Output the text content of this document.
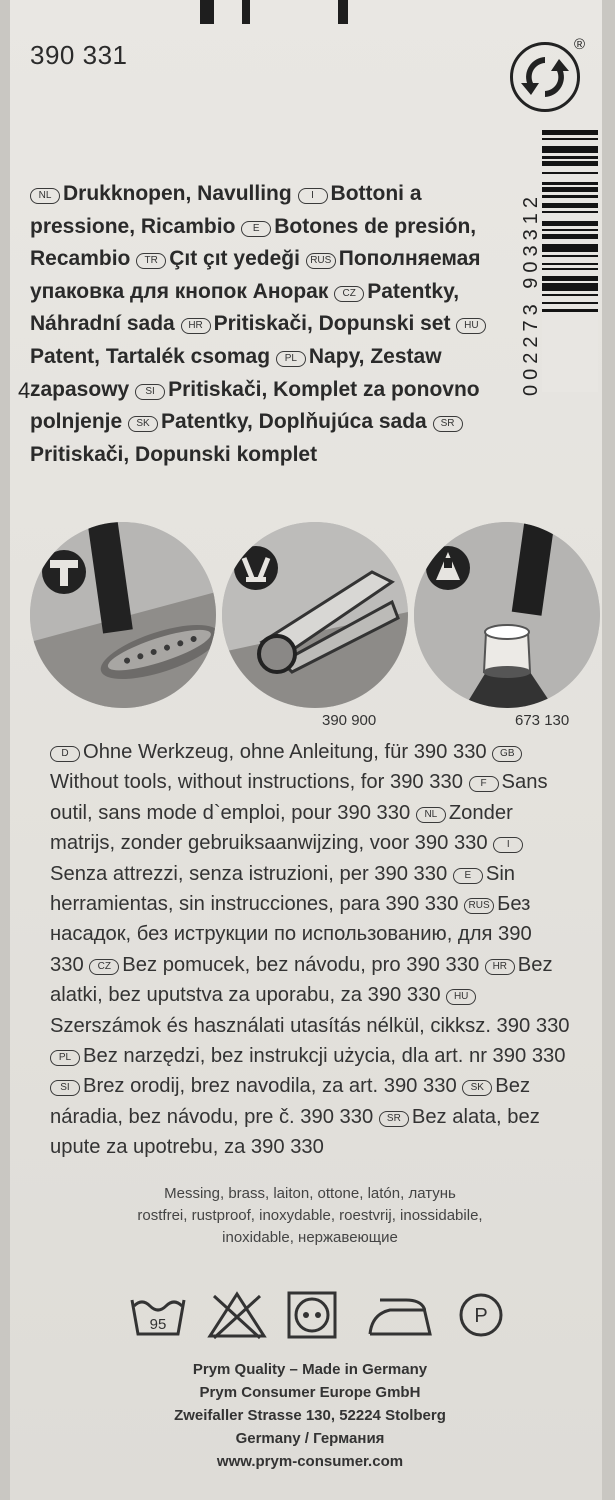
390 331	®
002273 903312
4
NL Drukknopen, Navulling I Bottoni a pressione, Ricambio E Botones de presión, Recambio TR Çıt çıt yedeği RUS Пополняемая упаковка для кнопок Анорак CZ Patentky, Náhradní sada HR Pritiskači, Dopunski set HUPatent, Tartalék csomag PL Napy, Zestaw zapasowy SI Pritiskači, Komplet za ponovno polnjenje SK Patentky, Doplňujúca sada SRPritiskači, Dopunski komplet
390 900	673 130
D Ohne Werkzeug, ohne Anleitung, für 390 330 GBWithout tools, without instructions, for 390 330 F Sans outil, sans mode d`emploi, pour 390 330 NL Zonder matrijs, zonder gebruiksaanwijzing, voor 390 330 ISenza attrezzi, senza istruzioni, per 390 330 E Sin herramientas, sin instrucciones, para 390 330 RUS Без насадок, без иструкции по использованию, для 390 330 CZ Bez pomucek, bez návodu, pro 390 330 HR Bez alatki, bez uputstva za uporabu, za 390 330 HUSzerszámok és használati utasítás nélkül, cikksz. 390 330 PL Bez narzędzi, bez instrukcji użycia, dla art. nr 390 330 SI Brez orodij, brez navodila, za art. 390 330 SK Bez náradia, bez návodu, pre č. 390 330 SR Bez alata, bez upute za upotrebu, za 390 330
Messing, brass, laiton, ottone, latón, латунь
rostfrei, rustproof, inoxydable, roestvrij, inossidabile,
inoxidable, нержавеющие
95	P
Prym Quality – Made in Germany
Prym Consumer Europe GmbH
Zweifaller Strasse 130, 52224 Stolberg
Germany / Германия
www.prym-consumer.com
